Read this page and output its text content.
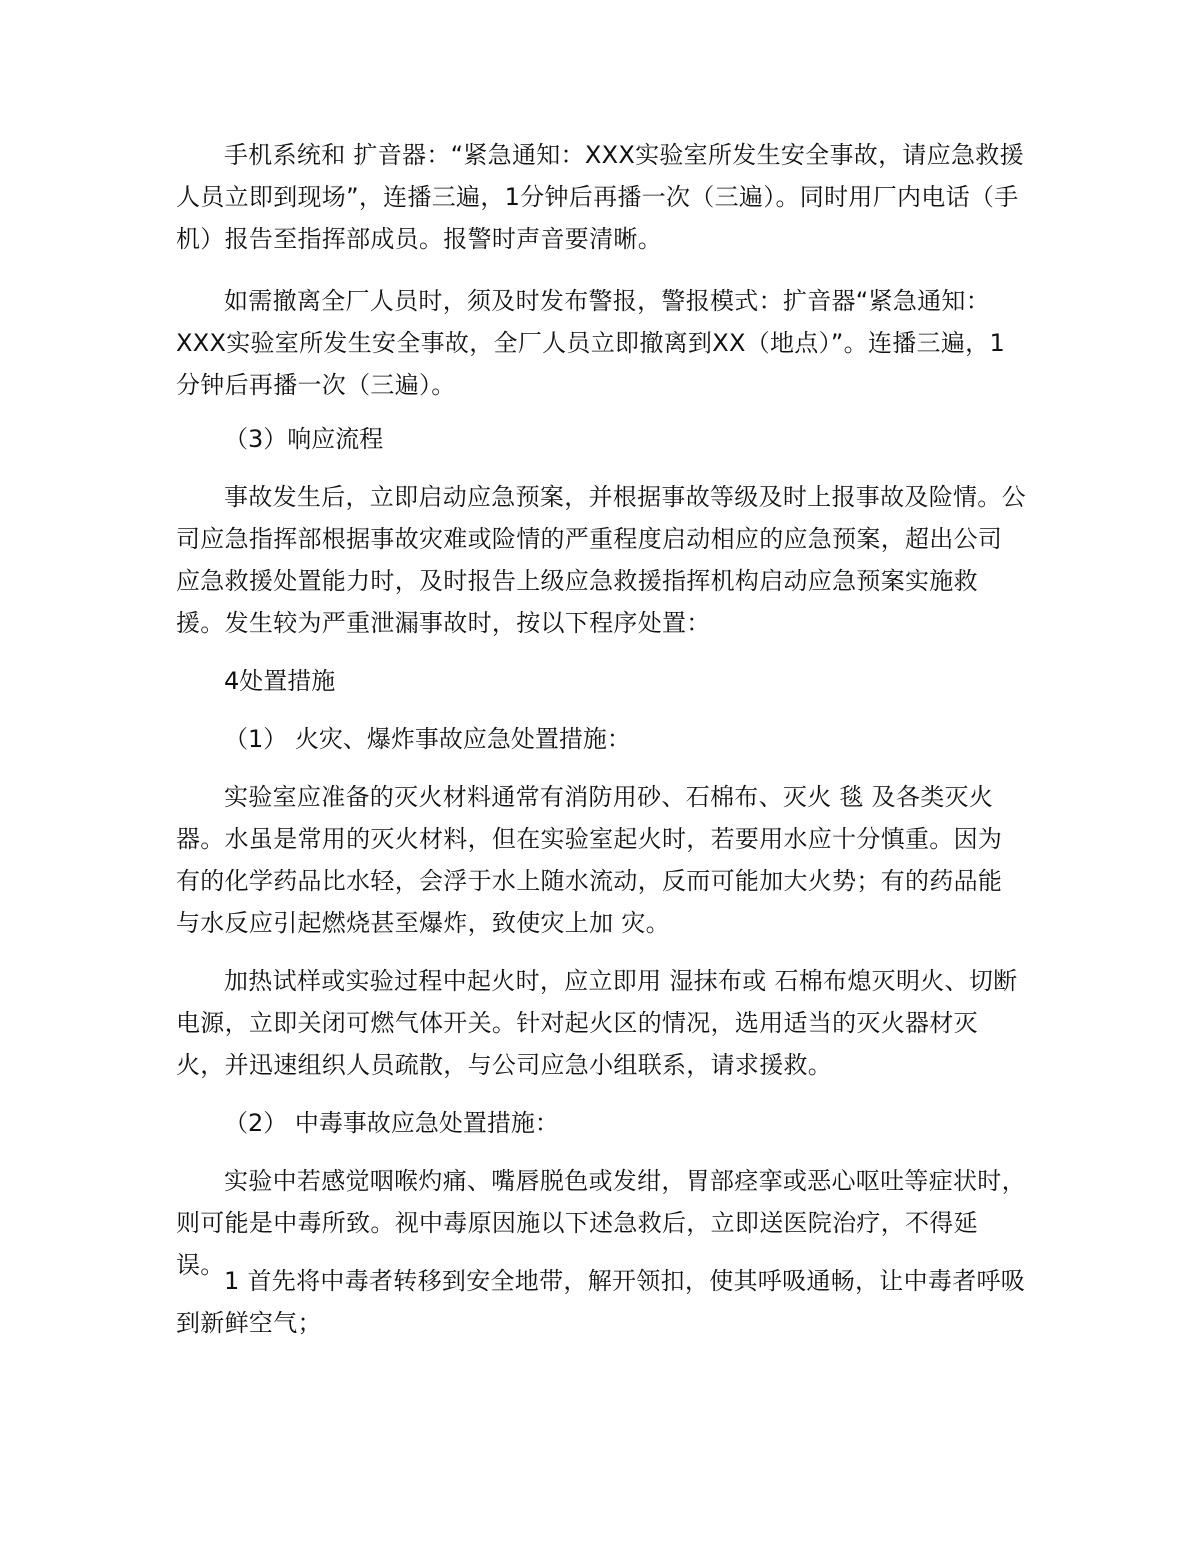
手机系统和 扩音器：“紧急通知：XXX实验室所发生安全事故，请应急救援人员立即到现场”，连播三遍，1分钟后再播一次（三遍）。同时用厂内电话（手机）报告至指挥部成员。报警时声音要清晰。

如需撤离全厂人员时，须及时发布警报，警报模式：扩音器“紧急通知：XXX实验室所发生安全事故，全厂人员立即撤离到XX（地点）”。连播三遍，1分钟后再播一次（三遍）。

（3）响应流程

事故发生后，立即启动应急预案，并根据事故等级及时上报事故及险情。公司应急指挥部根据事故灾难或险情的严重程度启动相应的应急预案，超出公司应急救援处置能力时，及时报告上级应急救援指挥机构启动应急预案实施救援。发生较为严重泄漏事故时，按以下程序处置：

4处置措施

（1） 火灾、爆炸事故应急处置措施：

实验室应准备的灭火材料通常有消防用砂、石棉布、灭火 毯 及各类灭火器。水虽是常用的灭火材料，但在实验室起火时，若要用水应十分慎重。因为有的化学药品比水轻，会浮于水上随水流动，反而可能加大火势；有的药品能与水反应引起燃烧甚至爆炸，致使灾上加 灾。

加热试样或实验过程中起火时，应立即用 湿抹布或 石棉布熄灭明火、切断电源，立即关闭可燃气体开关。针对起火区的情况，选用适当的灭火器材灭火，并迅速组织人员疏散，与公司应急小组联系，请求援救。

（2） 中毒事故应急处置措施：

实验中若感觉咽喉灼痛、嘴唇脱色或发绀，胃部痉挛或恶心呕吐等症状时，则可能是中毒所致。视中毒原因施以下述急救后，立即送医院治疗，不得延误。

1 首先将中毒者转移到安全地带，解开领扣，使其呼吸通畅，让中毒者呼吸到新鲜空气；
